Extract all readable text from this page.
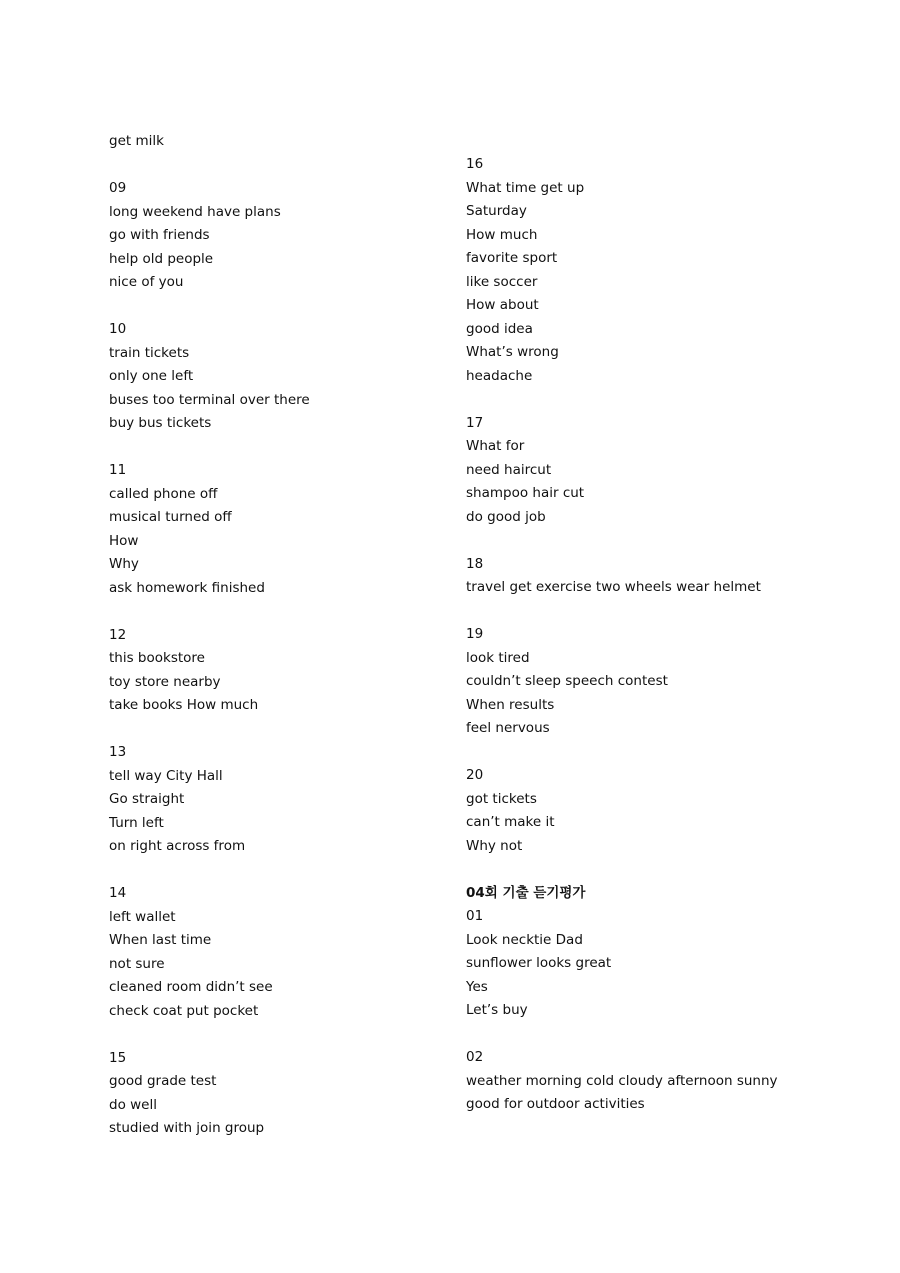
get milk
09
long weekend have plans
go with friends
help old people
nice of you
10
train tickets
only one left
buses too terminal over there
buy bus tickets
11
called phone off
musical turned off
How
Why
ask homework finished
12
this bookstore
toy store nearby
take books How much
13
tell way City Hall
Go straight
Turn left
on right across from
14
left wallet
When last time
not sure
cleaned room didn’t see
check coat put pocket
15
good grade test
do well
studied with join group
16
What time get up
Saturday
How much
favorite sport
like soccer
How about
good idea
What’s wrong
headache
17
What for
need haircut
shampoo hair cut
do good job
18
travel get exercise two wheels wear helmet
19
look tired
couldn’t sleep speech contest
When results
feel nervous
20
got tickets
can’t make it
Why not
04회 기출 듣기평가
01
Look necktie Dad
sunflower looks great
Yes
Let’s buy
02
weather morning cold cloudy afternoon sunny
good for outdoor activities
